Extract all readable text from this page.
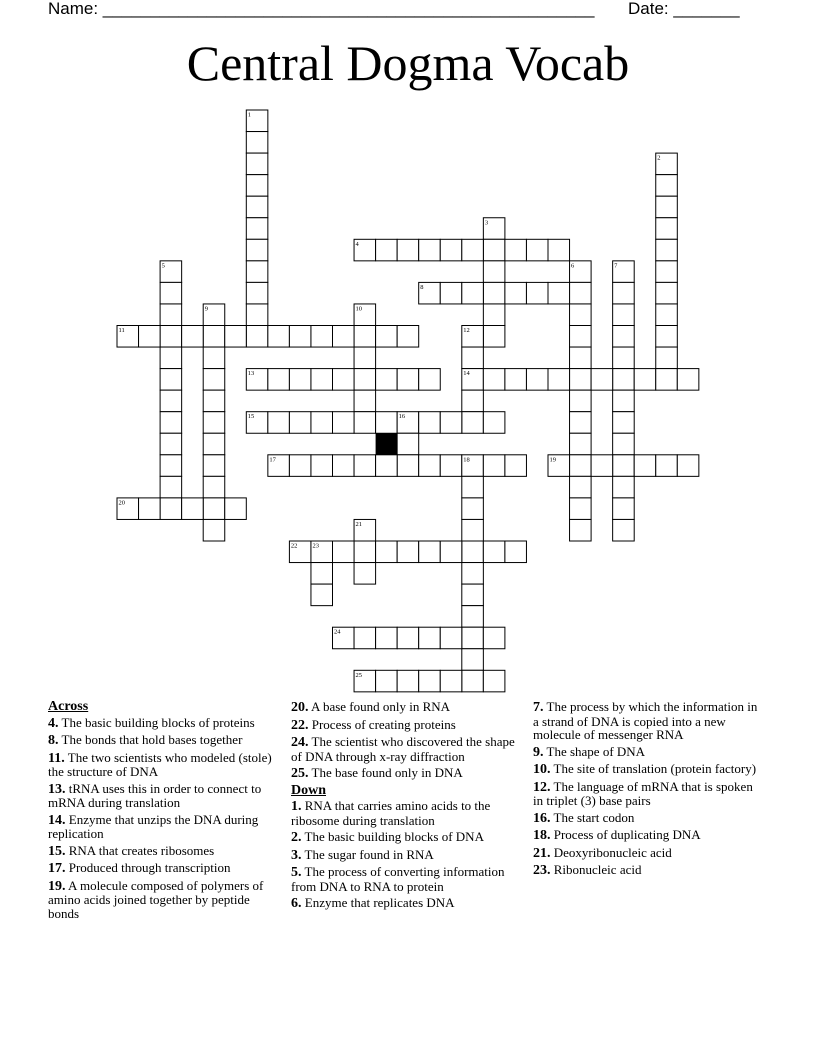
Name: ____________________________________________________ Date: _______
Central Dogma Vocab
1
2
3
4
5	6	7
8
9	10
11	12
13	14
15	16
17	18	19
20
21
22 23
24
25
Across
4. The basic building blocks of proteins
8. The bonds that hold bases together
11. The two scientists who modeled (stole) the structure of DNA
13. tRNA uses this in order to connect to mRNA during translation
14. Enzyme that unzips the DNA during replication
15. RNA that creates ribosomes
17. Produced through transcription
19. A molecule composed of polymers of amino acids joined together by peptide bonds
20. A base found only in RNA
22. Process of creating proteins
24. The scientist who discovered the shape of DNA through x-ray diffraction
25. The base found only in DNA
Down
1. RNA that carries amino acids to the ribosome during translation
2. The basic building blocks of DNA
3. The sugar found in RNA
5. The process of converting information from DNA to RNA to protein
6. Enzyme that replicates DNA
7. The process by which the information in a strand of DNA is copied into a new molecule of messenger RNA
9. The shape of DNA
10. The site of translation (protein factory)
12. The language of mRNA that is spoken in triplet (3) base pairs
16. The start codon
18. Process of duplicating DNA
21. Deoxyribonucleic acid
23. Ribonucleic acid
